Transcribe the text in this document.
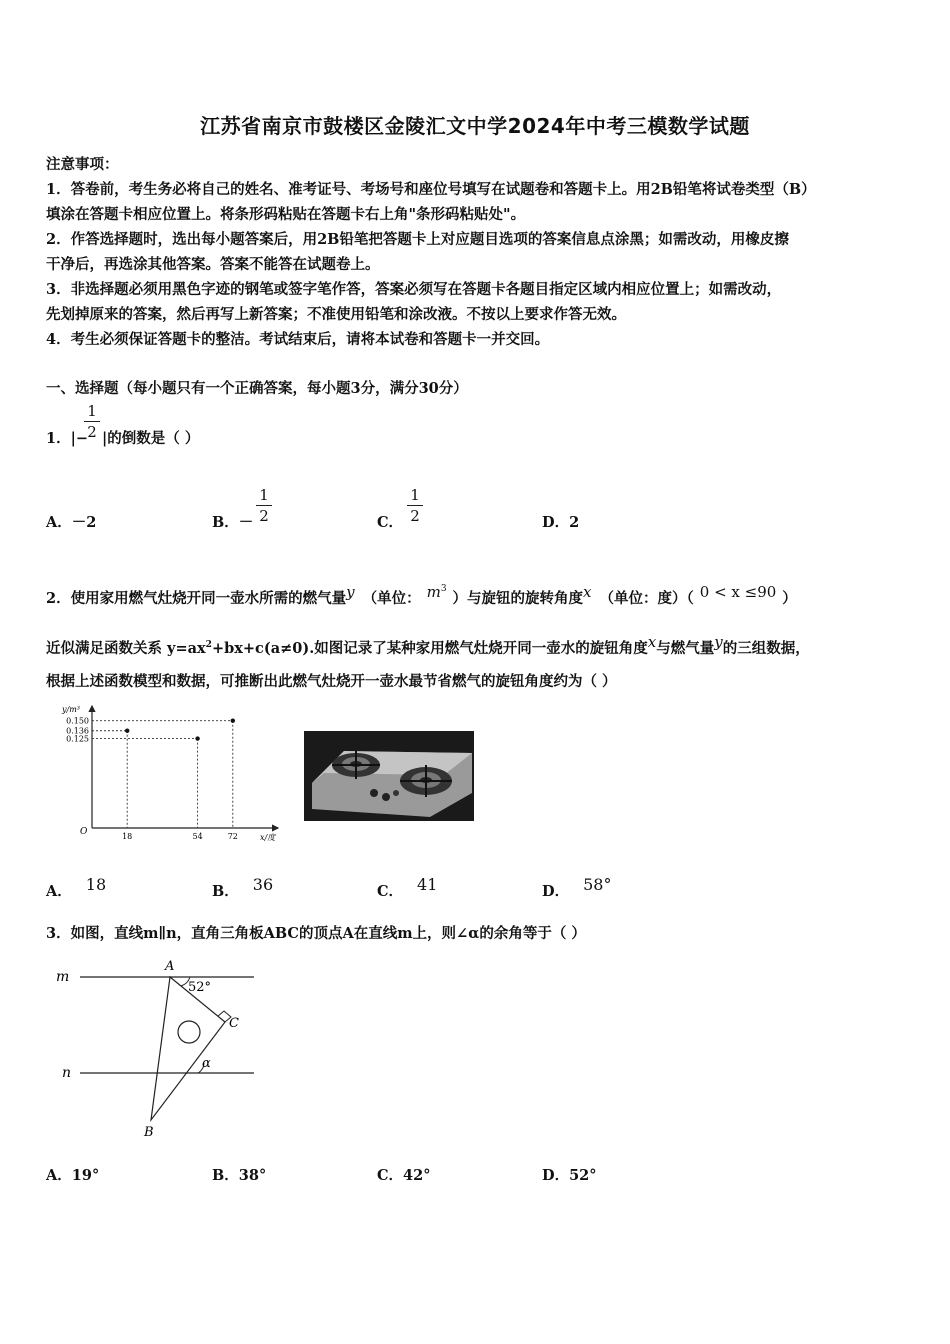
江苏省南京市鼓楼区金陵汇文中学2024年中考三模数学试题
注意事项：
1．答卷前，考生务必将自己的姓名、准考证号、考场号和座位号填写在试题卷和答题卡上。用2B铅笔将试卷类型（B）
填涂在答题卡相应位置上。将条形码粘贴在答题卡右上角"条形码粘贴处"。
2．作答选择题时，选出每小题答案后，用2B铅笔把答题卡上对应题目选项的答案信息点涂黑；如需改动，用橡皮擦
干净后，再选涂其他答案。答案不能答在试题卷上。
3．非选择题必须用黑色字迹的钢笔或签字笔作答，答案必须写在答题卡各题目指定区域内相应位置上；如需改动，
先划掉原来的答案，然后再写上新答案；不准使用铅笔和涂改液。不按以上要求作答无效。
4．考生必须保证答题卡的整洁。考试结束后，请将本试卷和答题卡一并交回。
一、选择题（每小题只有一个正确答案，每小题3分，满分30分）
1．|− |的倒数是（ ）
1
2
A．－2	B．－
1
2	C．
1
2	D．2
2．使用家用燃气灶烧开同一壶水所需的燃气量$^y$ （单位： $^{m^3}$）与旋钮的旋转角度$^x$ （单位：度）（ $^{0 < x \le 90}$ ）
近似满足函数关系 $y=ax^2+bx+c(a\ne 0)$.如图记录了某种家用燃气灶烧开同一壶水的旋钮角度$^x$与燃气量$^y$的三组数据，
根据上述函数模型和数据，可推断出此燃气灶烧开一壶水最节省燃气的旋钮角度约为（ ）
y/m³
x/度
O
0.150
0.136
0.125
18	54	72
A． $^{18}$	B． $^{36}$	C． $^{41}$	D． $^{58^\circ}$
3．如图，直线m∥n，直角三角板ABC的顶点A在直线m上，则∠α的余角等于（ ）
m
n
A
B
C
52°
α
A．19°	B．38°	C．42°	D．52°
